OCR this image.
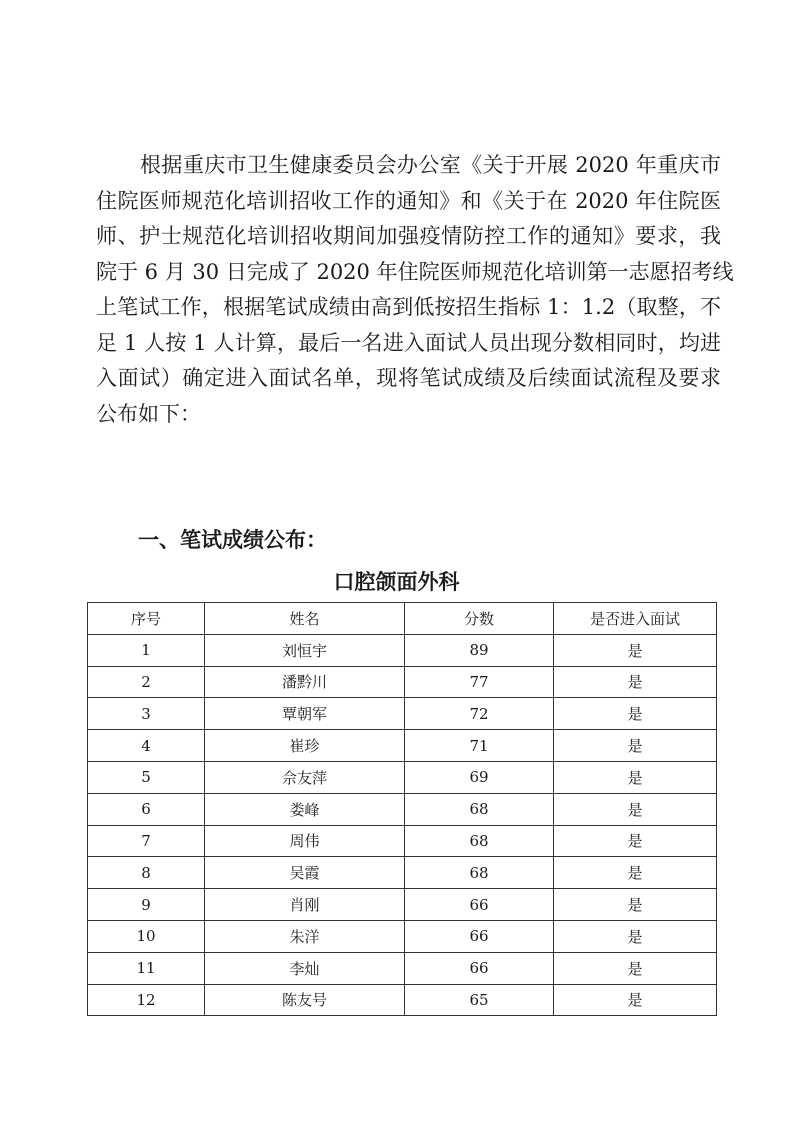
根据重庆市卫生健康委员会办公室《关于开展 2020 年重庆市
住院医师规范化培训招收工作的通知》和《关于在 2020 年住院医
师、护士规范化培训招收期间加强疫情防控工作的通知》要求，我
院于 6 月 30 日完成了 2020 年住院医师规范化培训第一志愿招考线
上笔试工作，根据笔试成绩由高到低按招生指标 1：1.2（取整，不
足 1 人按 1 人计算，最后一名进入面试人员出现分数相同时，均进
入面试）确定进入面试名单，现将笔试成绩及后续面试流程及要求
公布如下：
一、笔试成绩公布：
口腔颌面外科
序号	姓名	分数	是否进入面试
1	刘恒宇	89	是
2	潘黔川	77	是
3	覃朝军	72	是
4	崔珍	71	是
5	佘友萍	69	是
6	娄峰	68	是
7	周伟	68	是
8	吴霞	68	是
9	肖刚	66	是
10	朱洋	66	是
11	李灿	66	是
12	陈友号	65	是
